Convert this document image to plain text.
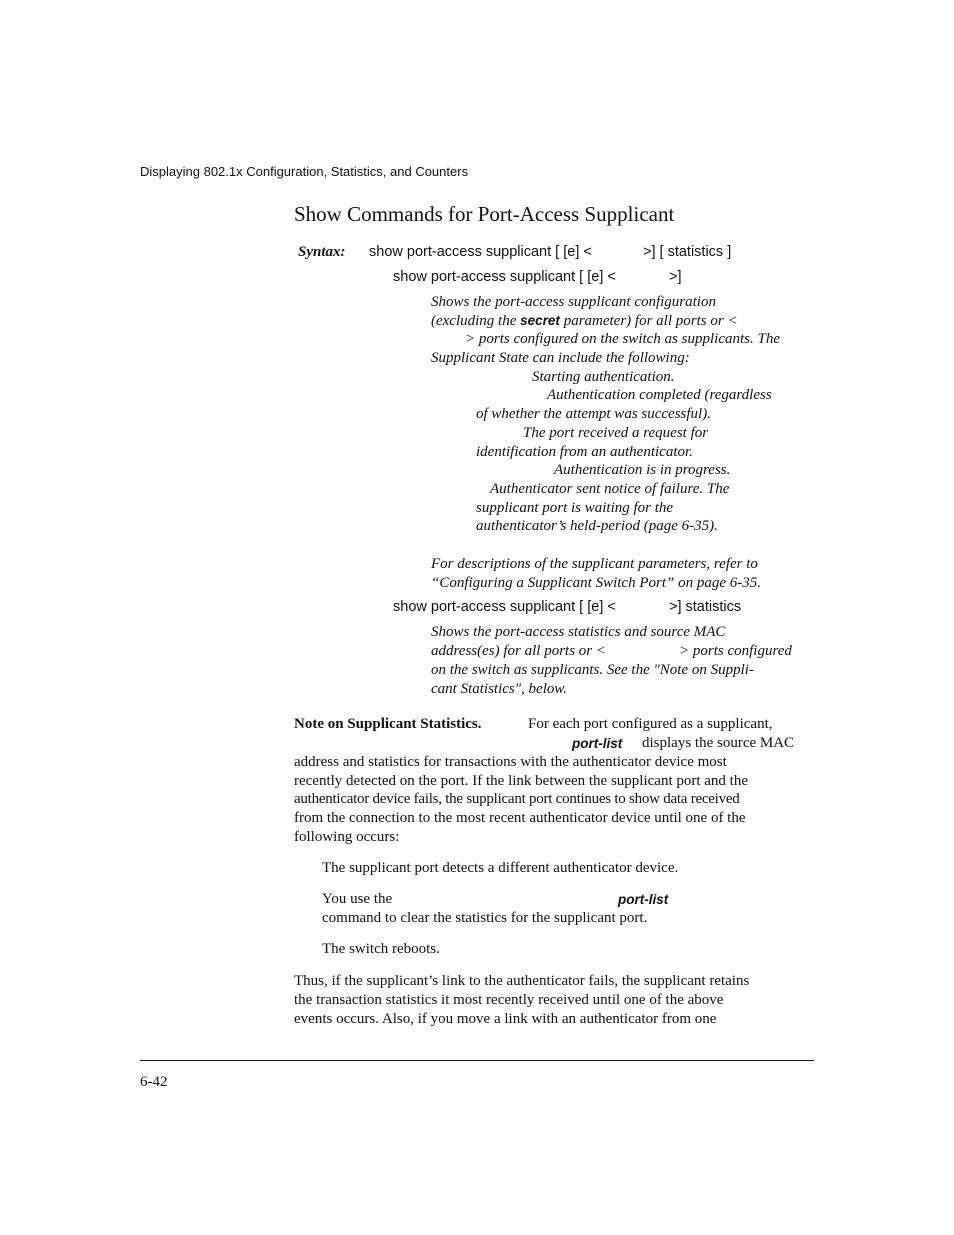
Displaying 802.1x Configuration, Statistics, and Counters
Show Commands for Port-Access Supplicant
Syntax: show port-access supplicant [ [e] <	>] [ statistics ]
show port-access supplicant [ [e] <	>]
Shows the port-access supplicant configuration
(excluding the secret parameter) for all ports or <
> ports configured on the switch as supplicants. The
Supplicant State can include the following:
Starting authentication.
Authentication completed (regardless
of whether the attempt was successful).
The port received a request for
identification from an authenticator.
Authentication is in progress.
Authenticator sent notice of failure. The
supplicant port is waiting for the
authenticator’s held-period (page 6-35).
For descriptions of the supplicant parameters, refer to
“Configuring a Supplicant Switch Port” on page 6-35.
show port-access supplicant [ [e] <	>] statistics
Shows the port-access statistics and source MAC
address(es) for all ports or <	> ports configured
on the switch as supplicants. See the "Note on Suppli-
cant Statistics", below.
Note on Supplicant Statistics.	For each port configured as a supplicant,
port-list displays the source MAC
address and statistics for transactions with the authenticator device most
recently detected on the port. If the link between the supplicant port and the
authenticator device fails, the supplicant port continues to show data received
from the connection to the most recent authenticator device until one of the
following occurs:
The supplicant port detects a different authenticator device.
You use the	port-list
command to clear the statistics for the supplicant port.
The switch reboots.
Thus, if the supplicant’s link to the authenticator fails, the supplicant retains
the transaction statistics it most recently received until one of the above
events occurs. Also, if you move a link with an authenticator from one
6-42
